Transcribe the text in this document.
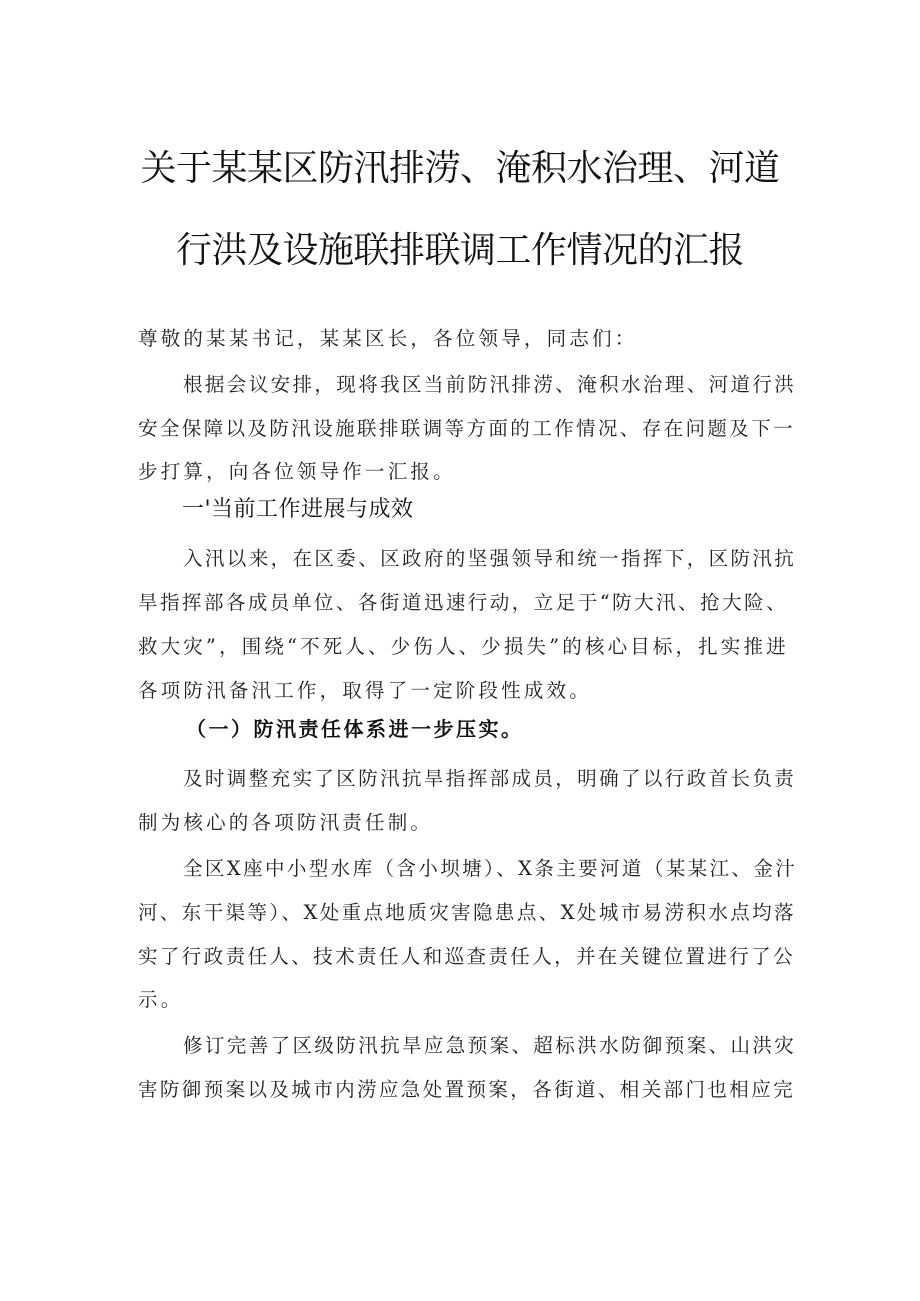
关于某某区防汛排涝、淹积水治理、河道
行洪及设施联排联调工作情况的汇报
尊敬的某某书记，某某区长，各位领导，同志们：
根据会议安排，现将我区当前防汛排涝、淹积水治理、河道行洪
安全保障以及防汛设施联排联调等方面的工作情况、存在问题及下一
步打算，向各位领导作一汇报。
一'当前工作进展与成效
入汛以来，在区委、区政府的坚强领导和统一指挥下，区防汛抗
旱指挥部各成员单位、各街道迅速行动，立足于“防大汛、抢大险、
救大灾”，围绕“不死人、少伤人、少损失”的核心目标，扎实推进
各项防汛备汛工作，取得了一定阶段性成效。
（一）防汛责任体系进一步压实。
及时调整充实了区防汛抗旱指挥部成员，明确了以行政首长负责
制为核心的各项防汛责任制。
全区X座中小型水库（含小坝塘）、X条主要河道（某某江、金汁
河、东干渠等）、X处重点地质灾害隐患点、X处城市易涝积水点均落
实了行政责任人、技术责任人和巡查责任人，并在关键位置进行了公
示。
修订完善了区级防汛抗旱应急预案、超标洪水防御预案、山洪灾
害防御预案以及城市内涝应急处置预案，各街道、相关部门也相应完
